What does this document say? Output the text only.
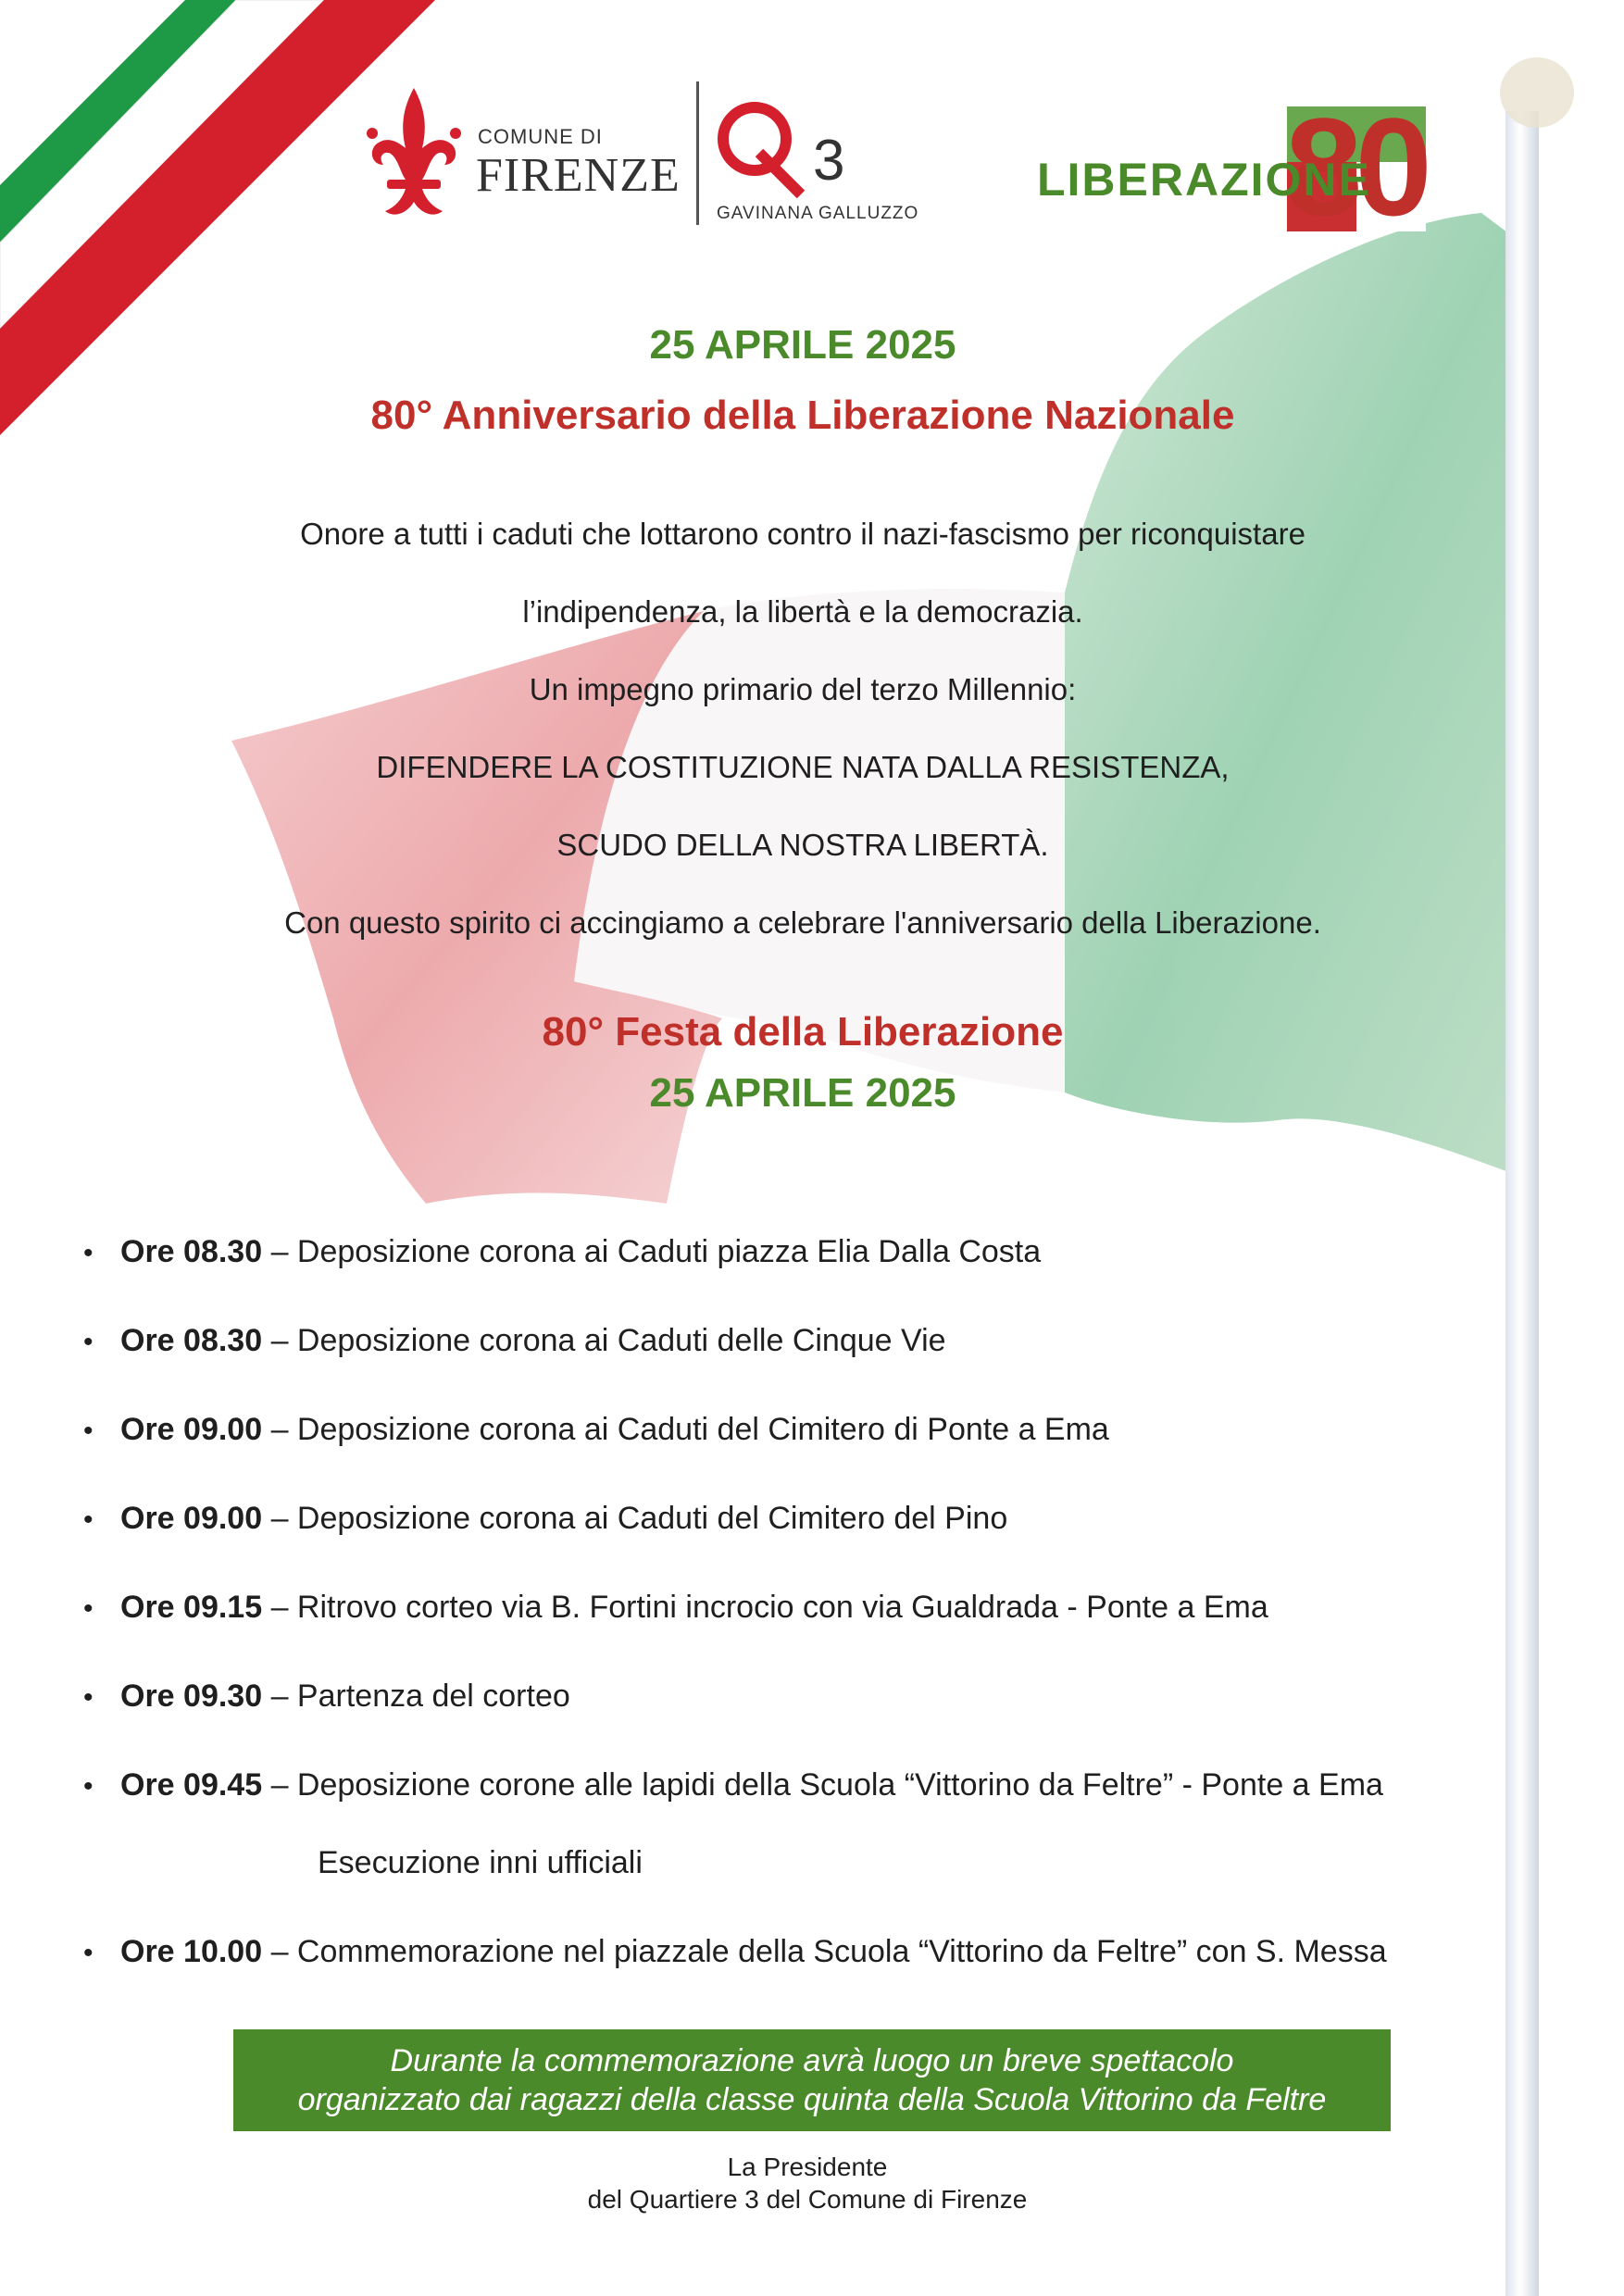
COMUNE DI
FIRENZE 3
GAVINANA GALLUZZO	80
LIBERAZIONE
25 APRILE 2025
80° Anniversario della Liberazione Nazionale
Onore a tutti i caduti che lottarono contro il nazi-fascismo per riconquistare
l’indipendenza, la libertà e la democrazia.
Un impegno primario del terzo Millennio:
DIFENDERE LA COSTITUZIONE NATA DALLA RESISTENZA,
SCUDO DELLA NOSTRA LIBERTÀ.
Con questo spirito ci accingiamo a celebrare l'anniversario della Liberazione.
80° Festa della Liberazione
25 APRILE 2025
• Ore 08.30 – Deposizione corona ai Caduti piazza Elia Dalla Costa
• Ore 08.30 – Deposizione corona ai Caduti delle Cinque Vie
• Ore 09.00 – Deposizione corona ai Caduti del Cimitero di Ponte a Ema
• Ore 09.00 – Deposizione corona ai Caduti del Cimitero del Pino
• Ore 09.15 – Ritrovo corteo via B. Fortini incrocio con via Gualdrada - Ponte a Ema
• Ore 09.30 – Partenza del corteo
• Ore 09.45 – Deposizione corone alle lapidi della Scuola “Vittorino da Feltre” - Ponte a Ema
Esecuzione inni ufficiali
• Ore 10.00 – Commemorazione nel piazzale della Scuola “Vittorino da Feltre” con S. Messa
Durante la commemorazione avrà luogo un breve spettacolo
organizzato dai ragazzi della classe quinta della Scuola Vittorino da Feltre
La Presidente
del Quartiere 3 del Comune di Firenze
